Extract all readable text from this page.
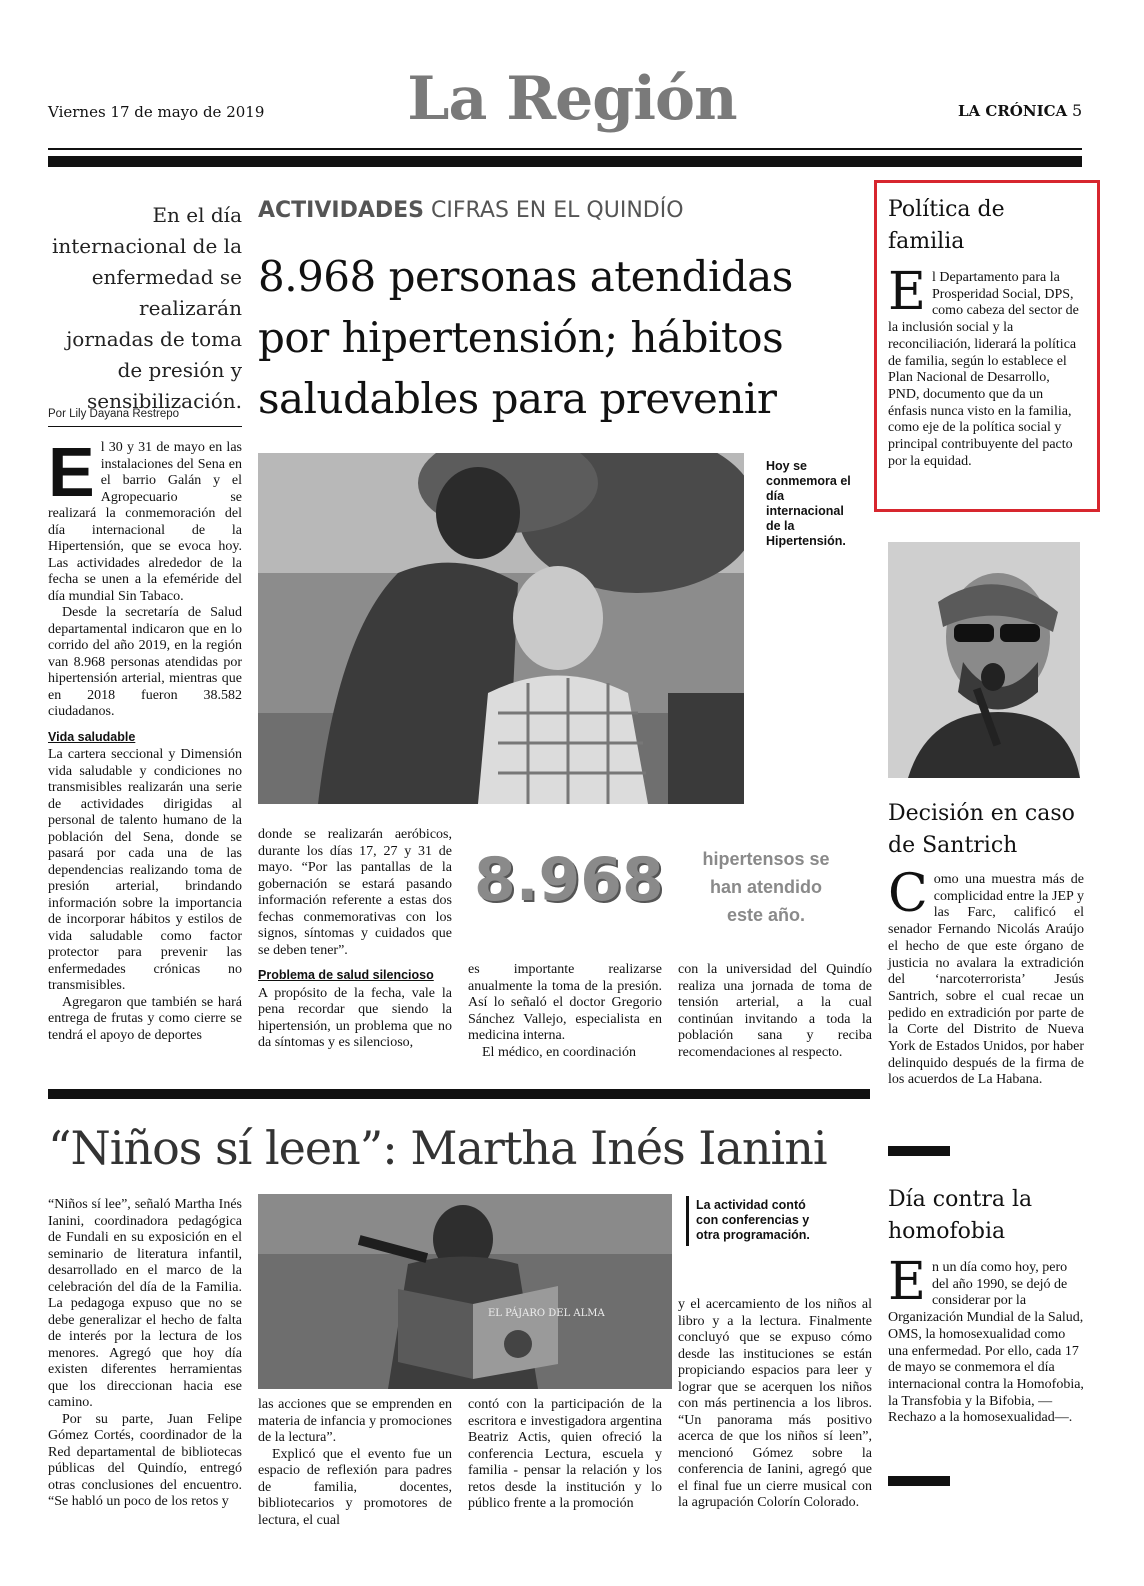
Viernes 17 de mayo de 2019 La Región	LA CRÓNICA 5
En el día internacional de la enfermedad se realizarán jornadas de toma de presión y sensibilización.
Por Lily Dayana Restrepo
ACTIVIDADES CIFRAS EN EL QUINDÍO
8.968 personas atendidas por hipertensión; hábitos saludables para prevenir

El 30 y 31 de mayo en las instalaciones del Sena en el barrio Galán y el Agropecuario se realizará la conmemoración del día internacional de la Hipertensión, que se evoca hoy. Las actividades alrededor de la fecha se unen a la efeméride del día mundial Sin Tabaco.

Desde la secretaría de Salud departamental indicaron que en lo corrido del año 2019, en la región van 8.968 personas atendidas por hipertensión arterial, mientras que en 2018 fueron 38.582 ciudadanos.

Vida saludable

La cartera seccional y Dimensión vida saludable y condiciones no transmisibles realizarán una serie de actividades dirigidas al personal de talento humano de la población del Sena, donde se pasará por cada una de las dependencias realizando toma de presión arterial, brindando información sobre la importancia de incorporar hábitos y estilos de vida saludable como factor protector para prevenir las enfermedades crónicas no transmisibles.

Agregaron que también se hará entrega de frutas y como cierre se tendrá el apoyo de deportes

Hoy se conmemora el día internacional de la Hipertensión.

donde se realizarán aeróbicos, durante los días 17, 27 y 31 de mayo. “Por las pantallas de la gobernación se estará pasando información referente a estas dos fechas conmemorativas con los signos, síntomas y cuidados que se deben tener”.

Problema de salud silencioso

A propósito de la fecha, vale la pena recordar que siendo la hipertensión, un problema que no da síntomas y es silencioso,

8.968	hipertensos se han atendido este año.

es importante realizarse anualmente la toma de la presión. Así lo señaló el doctor Gregorio Sánchez Vallejo, especialista en medicina interna.

El médico, en coordinación

con la universidad del Quindío realiza una jornada de toma de tensión arterial, a la cual continúan invitando a toda la población sana y reciba recomendaciones al respecto.

“Niños sí leen”: Martha Inés Ianini

“Niños sí lee”, señaló Martha Inés Ianini, coordinadora pedagógica de Fundali en su exposición en el seminario de literatura infantil, desarrollado en el marco de la celebración del día de la Familia. La pedagoga expuso que no se debe generalizar el hecho de falta de interés por la lectura de los menores. Agregó que hoy día existen diferentes herramientas que los direccionan hacia ese camino.

Por su parte, Juan Felipe Gómez Cortés, coordinador de la Red departamental de bibliotecas públicas del Quindío, entregó otras conclusiones del encuentro. “Se habló un poco de los retos y

EL PÁJARO DEL ALMA
La actividad contó con conferencias y otra programación.

las acciones que se emprenden en materia de infancia y promociones de la lectura”.

Explicó que el evento fue un espacio de reflexión para padres de familia, docentes, bibliotecarios y promotores de lectura, el cual

contó con la participación de la escritora e investigadora argentina Beatriz Actis, quien ofreció la conferencia Lectura, escuela y familia - pensar la relación y los retos desde la institución y lo público frente a la promoción

y el acercamiento de los niños al libro y a la lectura. Finalmente concluyó que se expuso cómo desde las instituciones se están propiciando espacios para leer y lograr que se acerquen los niños con más pertinencia a los libros. “Un panorama más positivo acerca de que los niños sí leen”, mencionó Gómez sobre la conferencia de Ianini, agregó que el final fue un cierre musical con la agrupación Colorín Colorado.

Política de familia
El Departamento para la Prosperidad Social, DPS, como cabeza del sector de la inclusión social y la reconciliación, liderará la política de familia, según lo establece el Plan Nacional de Desarrollo, PND, documento que da un énfasis nunca visto en la familia, como eje de la política social y principal contribuyente del pacto por la equidad.
Decisión en caso de Santrich
Como una muestra más de complicidad entre la JEP y las Farc, calificó el senador Fernando Nicolás Araújo el hecho de que este órgano de justicia no avalara la extradición del ‘narcoterrorista’ Jesús Santrich, sobre el cual recae un pedido en extradición por parte de la Corte del Distrito de Nueva York de Estados Unidos, por haber delinquido después de la firma de los acuerdos de La Habana.
Día contra la homofobia
En un día como hoy, pero del año 1990, se dejó de considerar por la Organización Mundial de la Salud, OMS, la homosexualidad como una enfermedad. Por ello, cada 17 de mayo se conmemora el día internacional contra la Homofobia, la Transfobia y la Bifobia, —Rechazo a la homosexualidad—.
